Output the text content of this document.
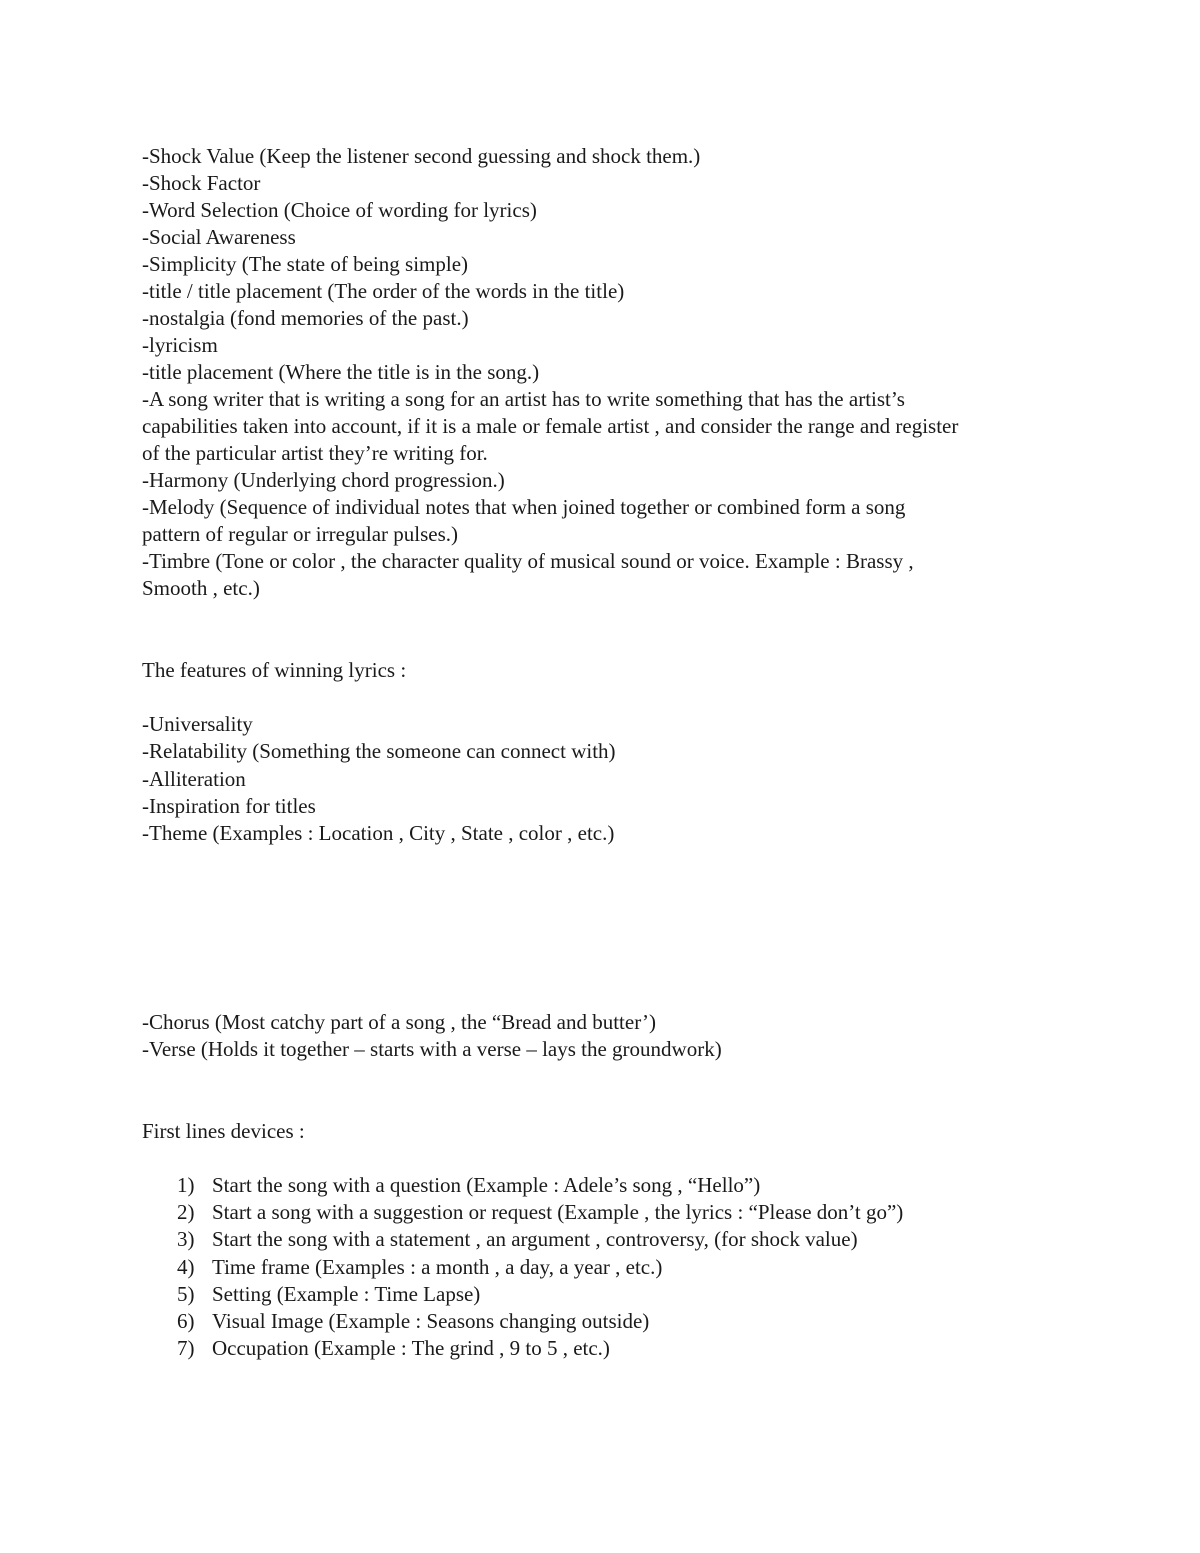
-Shock Value (Keep the listener second guessing and shock them.)
-Shock Factor
-Word Selection (Choice of wording for lyrics)
-Social Awareness
-Simplicity (The state of being simple)
-title / title placement (The order of the words in the title)
-nostalgia (fond memories of the past.)
-lyricism
-title placement (Where the title is in the song.)
-A song writer that is writing a song for an artist has to write something that has the artist’s
capabilities taken into account, if it is a male or female artist , and consider the range and register
of the particular artist they’re writing for.
-Harmony (Underlying chord progression.)
-Melody (Sequence of individual notes that when joined together or combined form a song
pattern of regular or irregular pulses.)
-Timbre (Tone or color , the character quality of musical sound or voice. Example : Brassy ,
Smooth , etc.)
The features of winning lyrics :
-Universality
-Relatability (Something the someone can connect with)
-Alliteration
-Inspiration for titles
-Theme (Examples : Location , City , State , color , etc.)
-Chorus (Most catchy part of a song , the “Bread and butter’)
-Verse (Holds it together – starts with a verse – lays the groundwork)
First lines devices :
1) Start the song with a question (Example : Adele’s song , “Hello”)
2) Start a song with a suggestion or request (Example , the lyrics : “Please don’t go”)
3) Start the song with a statement , an argument , controversy, (for shock value)
4) Time frame (Examples : a month , a day, a year , etc.)
5) Setting (Example : Time Lapse)
6) Visual Image (Example : Seasons changing outside)
7) Occupation (Example : The grind , 9 to 5 , etc.)
